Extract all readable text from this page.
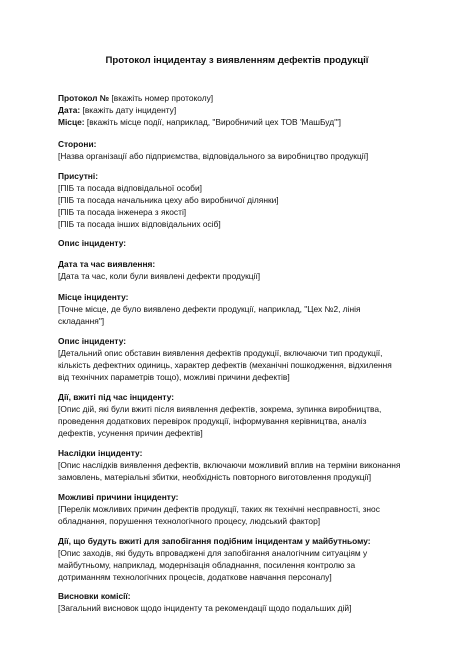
Протокол інцидентау з виявленням дефектів продукції
Протокол № [вкажіть номер протоколу]
Дата: [вкажіть дату інциденту]
Місце: [вкажіть місце події, наприклад, "Виробничий цех ТОВ 'МашБуд'"]
Сторони:
[Назва організації або підприємства, відповідального за виробництво продукції]
Присутні:
[ПІБ та посада відповідальної особи]
[ПІБ та посада начальника цеху або виробничої ділянки]
[ПІБ та посада інженера з якості]
[ПІБ та посада інших відповідальних осіб]
Опис інциденту:
Дата та час виявлення:
[Дата та час, коли були виявлені дефекти продукції]
Місце інциденту:
[Точне місце, де було виявлено дефекти продукції, наприклад, "Цех №2, лінія
складання"]
Опис інциденту:
[Детальний опис обставин виявлення дефектів продукції, включаючи тип продукції,
кількість дефектних одиниць, характер дефектів (механічні пошкодження, відхилення
від технічних параметрів тощо), можливі причини дефектів]
Дії, вжиті під час інциденту:
[Опис дій, які були вжиті після виявлення дефектів, зокрема, зупинка виробництва,
проведення додаткових перевірок продукції, інформування керівництва, аналіз
дефектів, усунення причин дефектів]
Наслідки інциденту:
[Опис наслідків виявлення дефектів, включаючи можливий вплив на терміни виконання
замовлень, матеріальні збитки, необхідність повторного виготовлення продукції]
Можливі причини інциденту:
[Перелік можливих причин дефектів продукції, таких як технічні несправності, знос
обладнання, порушення технологічного процесу, людський фактор]
Дії, що будуть вжиті для запобігання подібним інцидентам у майбутньому:
[Опис заходів, які будуть впроваджені для запобігання аналогічним ситуаціям у
майбутньому, наприклад, модернізація обладнання, посилення контролю за
дотриманням технологічних процесів, додаткове навчання персоналу]
Висновки комісії:
[Загальний висновок щодо інциденту та рекомендації щодо подальших дій]
